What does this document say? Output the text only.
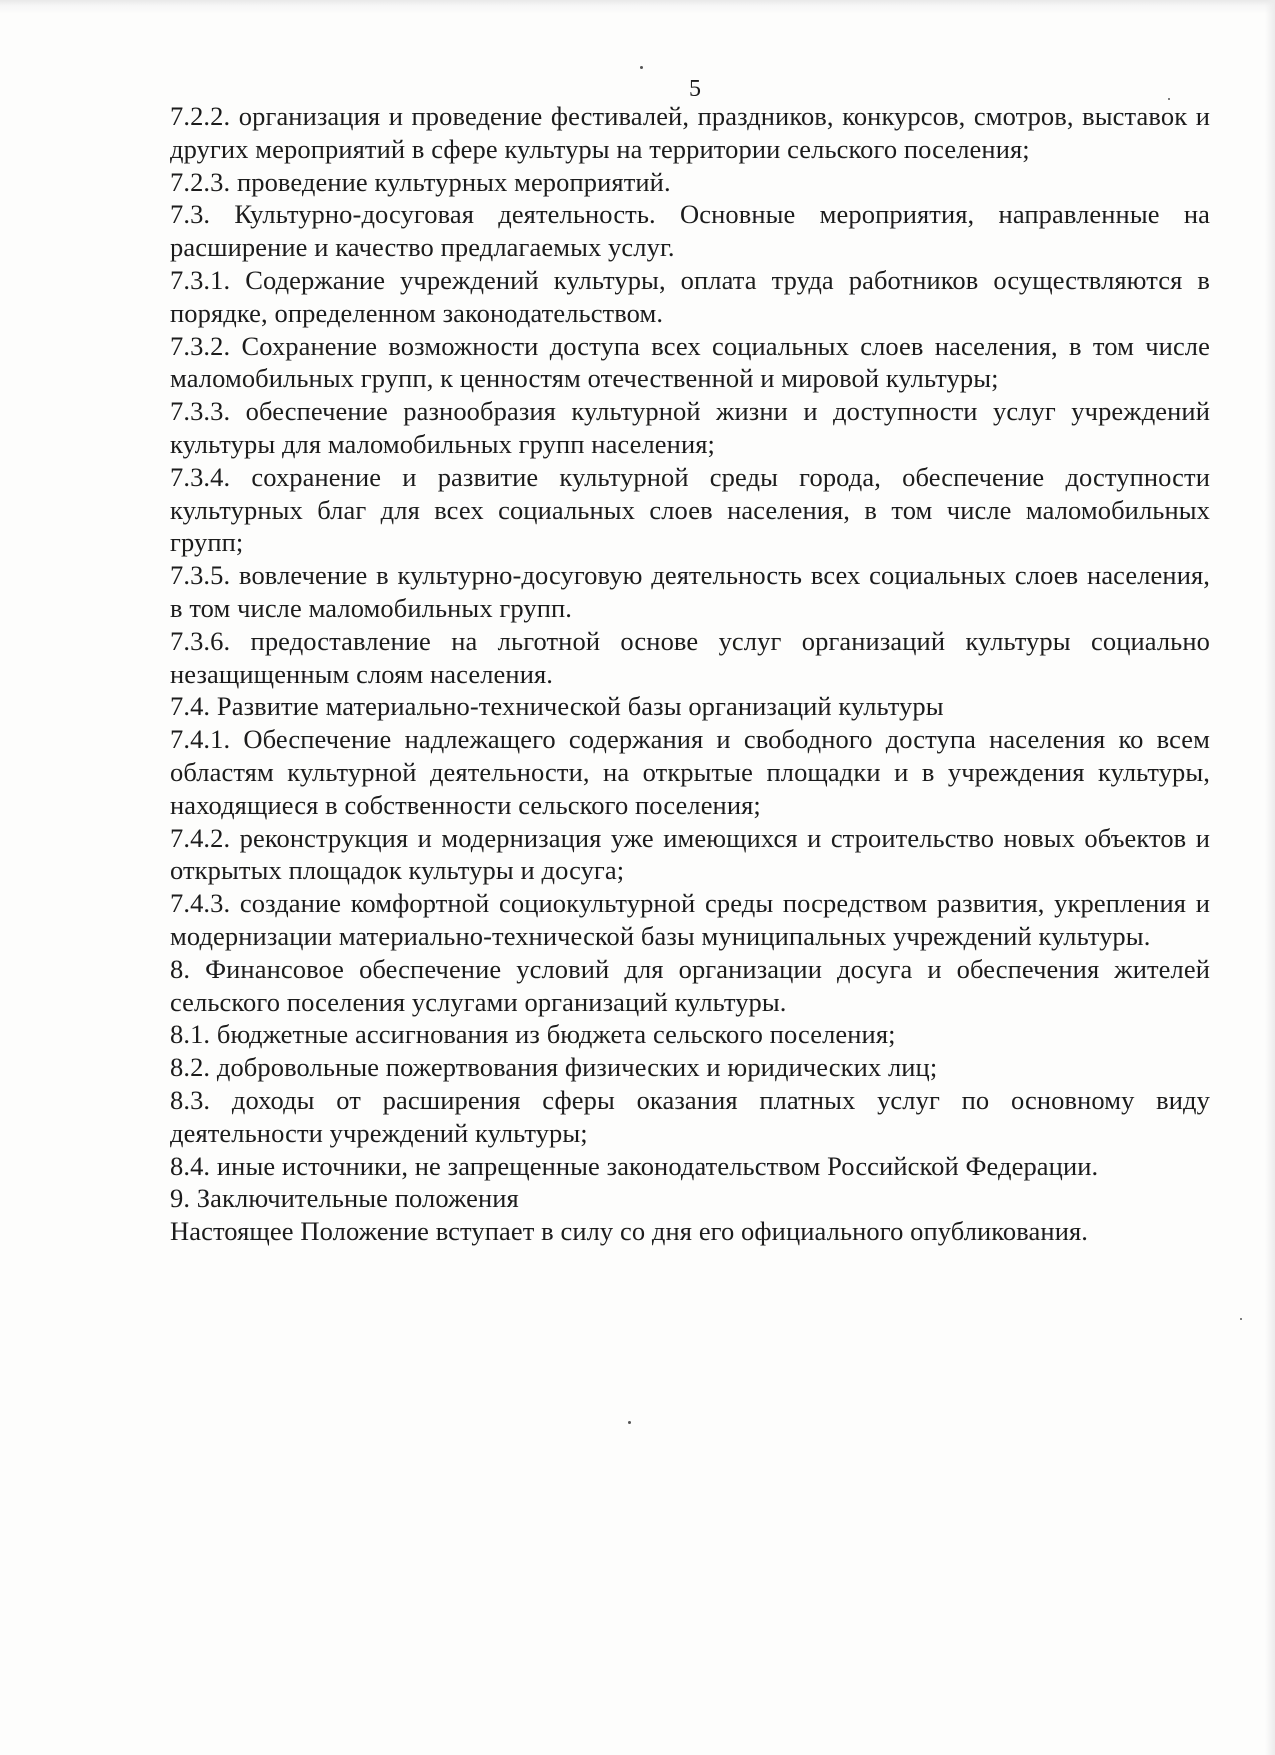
5

7.2.2. организация и проведение фестивалей, праздников, конкурсов, смотров, выставок и других мероприятий в сфере культуры на территории сельского поселения;

7.2.3. проведение культурных мероприятий.

7.3. Культурно-досуговая деятельность. Основные мероприятия, направленные на расширение и качество предлагаемых услуг.

7.3.1. Содержание учреждений культуры, оплата труда работников осуществляются в порядке, определенном законодательством.

7.3.2. Сохранение возможности доступа всех социальных слоев населения, в том числе маломобильных групп, к ценностям отечественной и мировой культуры;

7.3.3. обеспечение разнообразия культурной жизни и доступности услуг учреждений культуры для маломобильных групп населения;

7.3.4. сохранение и развитие культурной среды города, обеспечение доступности культурных благ для всех социальных слоев населения, в том числе маломобильных групп;

7.3.5. вовлечение в культурно-досуговую деятельность всех социальных слоев населения, в том числе маломобильных групп.

7.3.6. предоставление на льготной основе услуг организаций культуры социально незащищенным слоям населения.

7.4. Развитие материально-технической базы организаций культуры

7.4.1. Обеспечение надлежащего содержания и свободного доступа населения ко всем областям культурной деятельности, на открытые площадки и в учреждения культуры, находящиеся в собственности сельского поселения;

7.4.2. реконструкция и модернизация уже имеющихся и строительство новых объектов и открытых площадок культуры и досуга;

7.4.3. создание комфортной социокультурной среды посредством развития, укрепления и модернизации материально-технической базы муниципальных учреждений культуры.

8. Финансовое обеспечение условий для организации досуга и обеспечения жителей сельского поселения услугами организаций культуры.

8.1. бюджетные ассигнования из бюджета сельского поселения;

8.2. добровольные пожертвования физических и юридических лиц;

8.3. доходы от расширения сферы оказания платных услуг по основному виду деятельности учреждений культуры;

8.4. иные источники, не запрещенные законодательством Российской Федерации.

9. Заключительные положения

Настоящее Положение вступает в силу со дня его официального опубликования.
